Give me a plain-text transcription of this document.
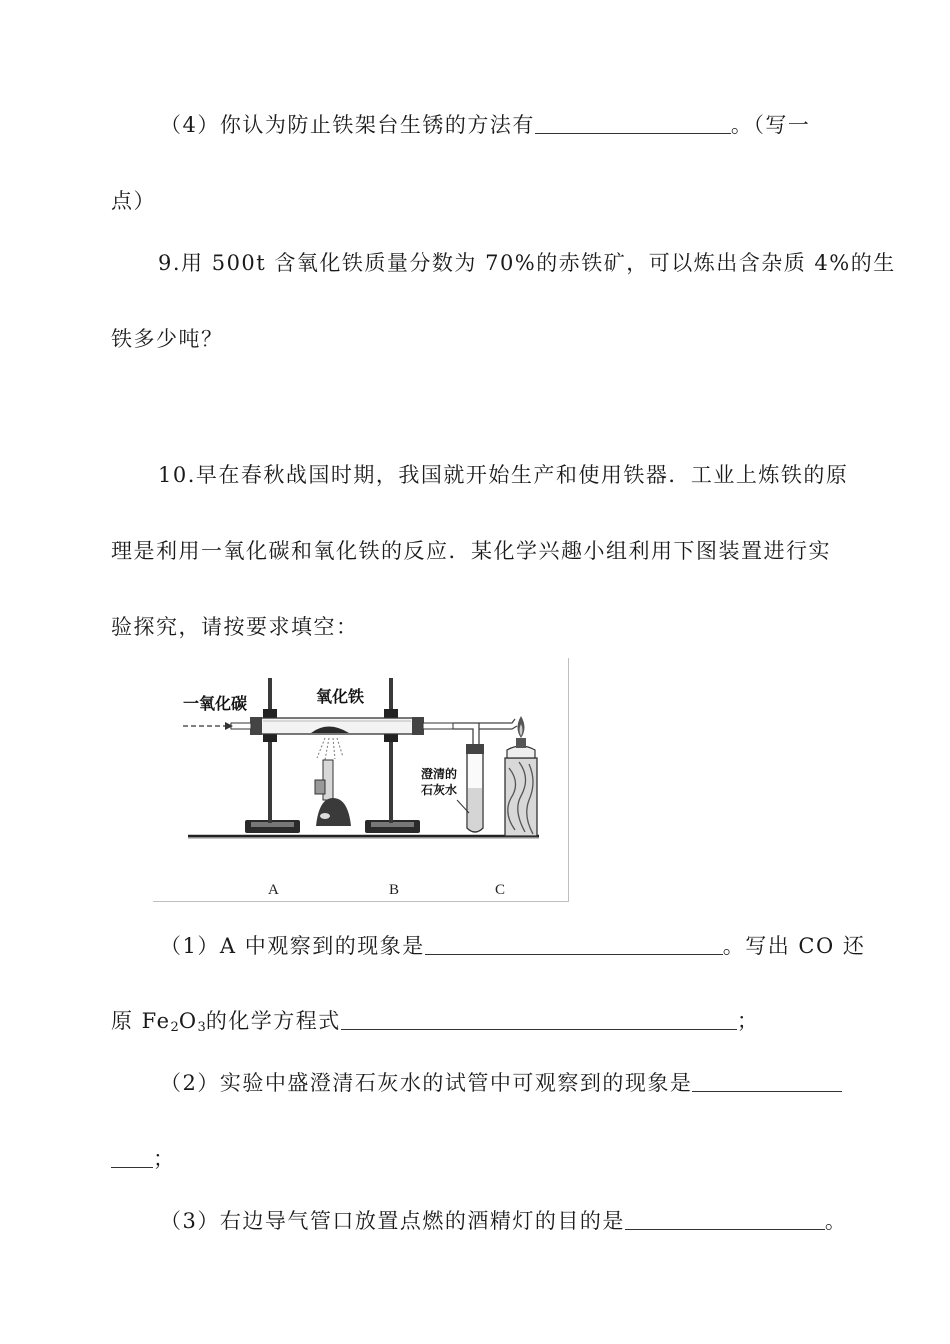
（4）你认为防止铁架台生锈的方法有	。（写一
点）
9.用 500t 含氧化铁质量分数为 70%的赤铁矿，可以炼出含杂质 4%的生
铁多少吨？
10.早在春秋战国时期，我国就开始生产和使用铁器．工业上炼铁的原
理是利用一氧化碳和氧化铁的反应．某化学兴趣小组利用下图装置进行实
验探究，请按要求填空：
一氧化碳	氧化铁
澄清的
石灰水
A	B	C
（1）A 中观察到的现象是	。写出 CO 还
原 $Fe_2O_3$的化学方程式	；
（2）实验中盛澄清石灰水的试管中可观察到的现象是
；
（3）右边导气管口放置点燃的酒精灯的目的是	。
